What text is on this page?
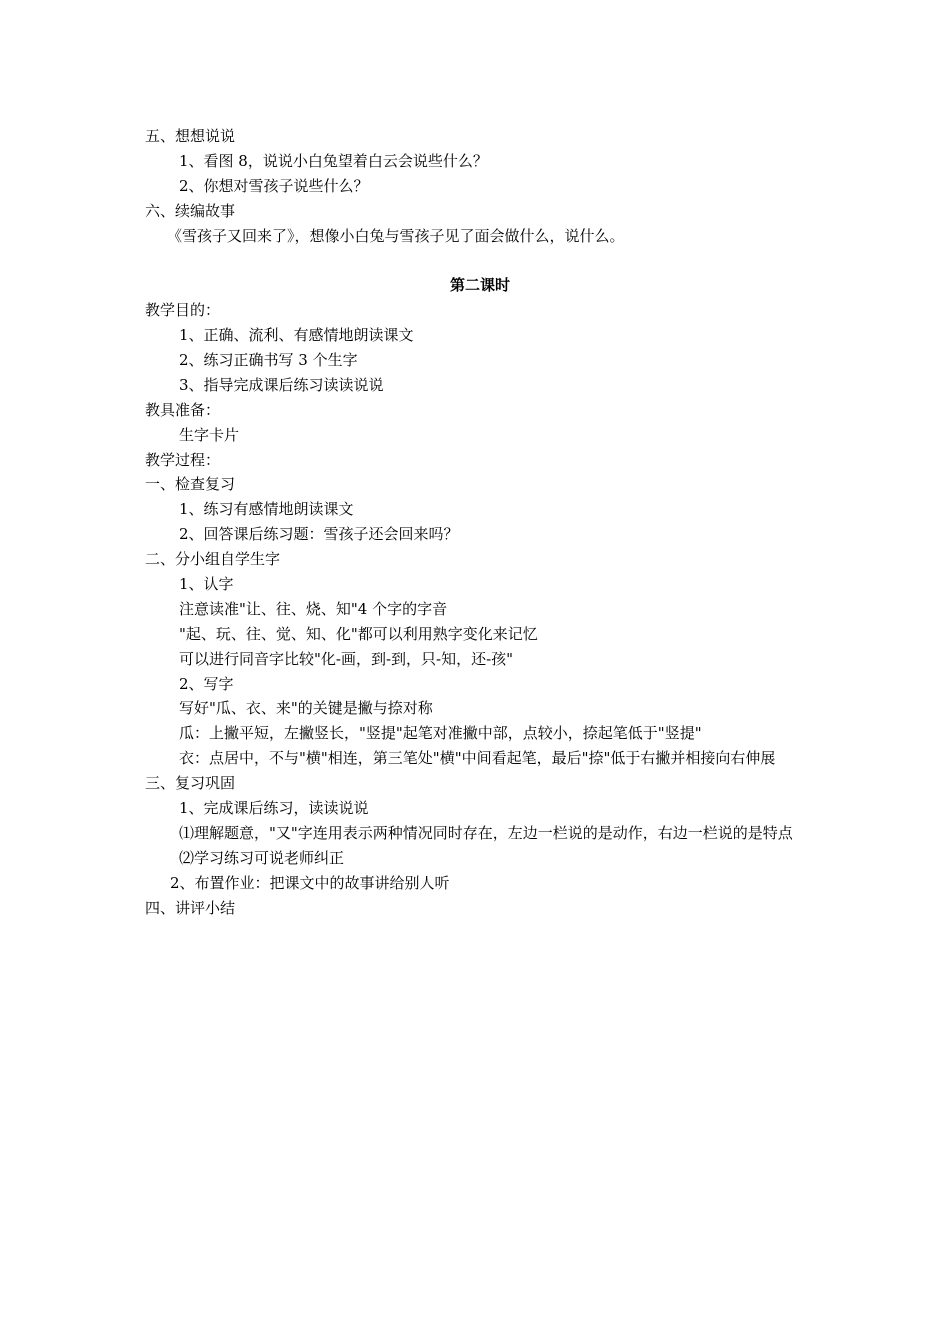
五、想想说说
1、看图 8，说说小白兔望着白云会说些什么？
2、你想对雪孩子说些什么？
六、续编故事
《雪孩子又回来了》，想像小白兔与雪孩子见了面会做什么，说什么。
第二课时
教学目的：
1、正确、流利、有感情地朗读课文
2、练习正确书写 3 个生字
3、指导完成课后练习读读说说
教具准备：
生字卡片
教学过程：
一、检查复习
1、练习有感情地朗读课文
2、回答课后练习题：雪孩子还会回来吗？
二、分小组自学生字
1、认字
注意读准"让、往、烧、知"4 个字的字音
"起、玩、往、觉、知、化"都可以利用熟字变化来记忆
可以进行同音字比较"化-画，到-到，只-知，还-孩"
2、写字
写好"瓜、衣、来"的关键是撇与捺对称
瓜：上撇平短，左撇竖长，"竖提"起笔对准撇中部，点较小，捺起笔低于"竖提"
衣：点居中，不与"横"相连，第三笔处"横"中间看起笔，最后"捺"低于右撇并相接向右伸展
三、复习巩固
1、完成课后练习，读读说说
⑴理解题意，"又"字连用表示两种情况同时存在，左边一栏说的是动作，右边一栏说的是特点
⑵学习练习可说老师纠正
2、布置作业：把课文中的故事讲给别人听
四、讲评小结
